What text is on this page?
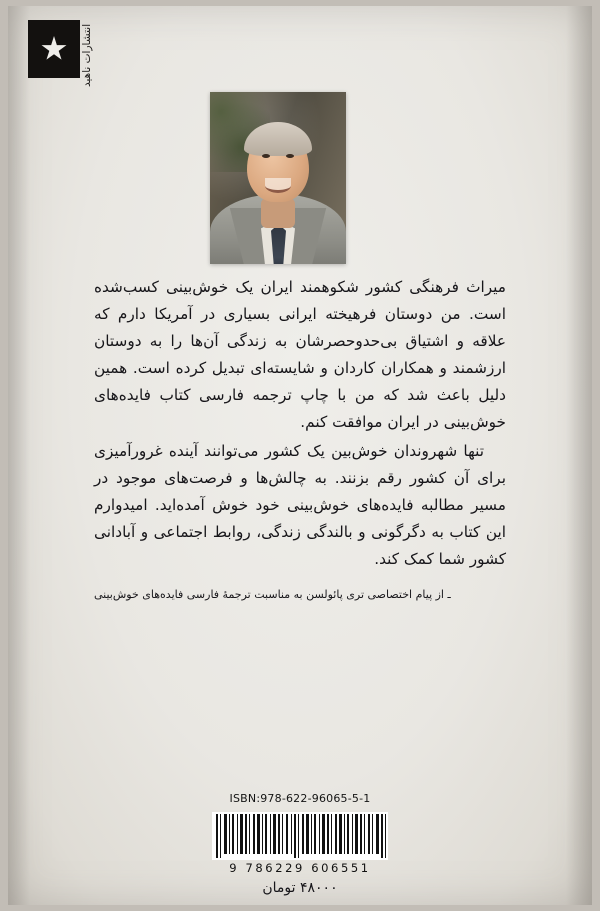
انتشارات ناهید

میراث فرهنگی کشور شکوهمند ایران یک خوش‌بینی کسب‌شده است. من دوستان فرهیخته ایرانی بسیاری در آمریکا دارم که علاقه و اشتیاق بی‌حدوحصرشان به زندگی آن‌ها را به دوستان ارزشمند و همکاران کاردان و شایسته‌ای تبدیل کرده است. همین دلیل باعث شد که من با چاپ ترجمه فارسی کتاب فایده‌های خوش‌بینی در ایران موافقت کنم.

تنها شهروندان خوش‌بین یک کشور می‌توانند آینده غرورآمیزی برای آن کشور رقم بزنند. به چالش‌ها و فرصت‌های موجود در مسیر مطالبه فایده‌های خوش‌بینی خود خوش آمده‌اید. امیدوارم این کتاب به دگرگونی و بالندگی زندگی، روابط اجتماعی و آبادانی کشور شما کمک کند.

ـ از پیام اختصاصی تری پائولسن به مناسبت ترجمهٔ فارسی فایده‌های خوش‌بینی
ISBN:978-622-96065-5-1
9 786229 606551
۴۸۰۰۰ تومان
